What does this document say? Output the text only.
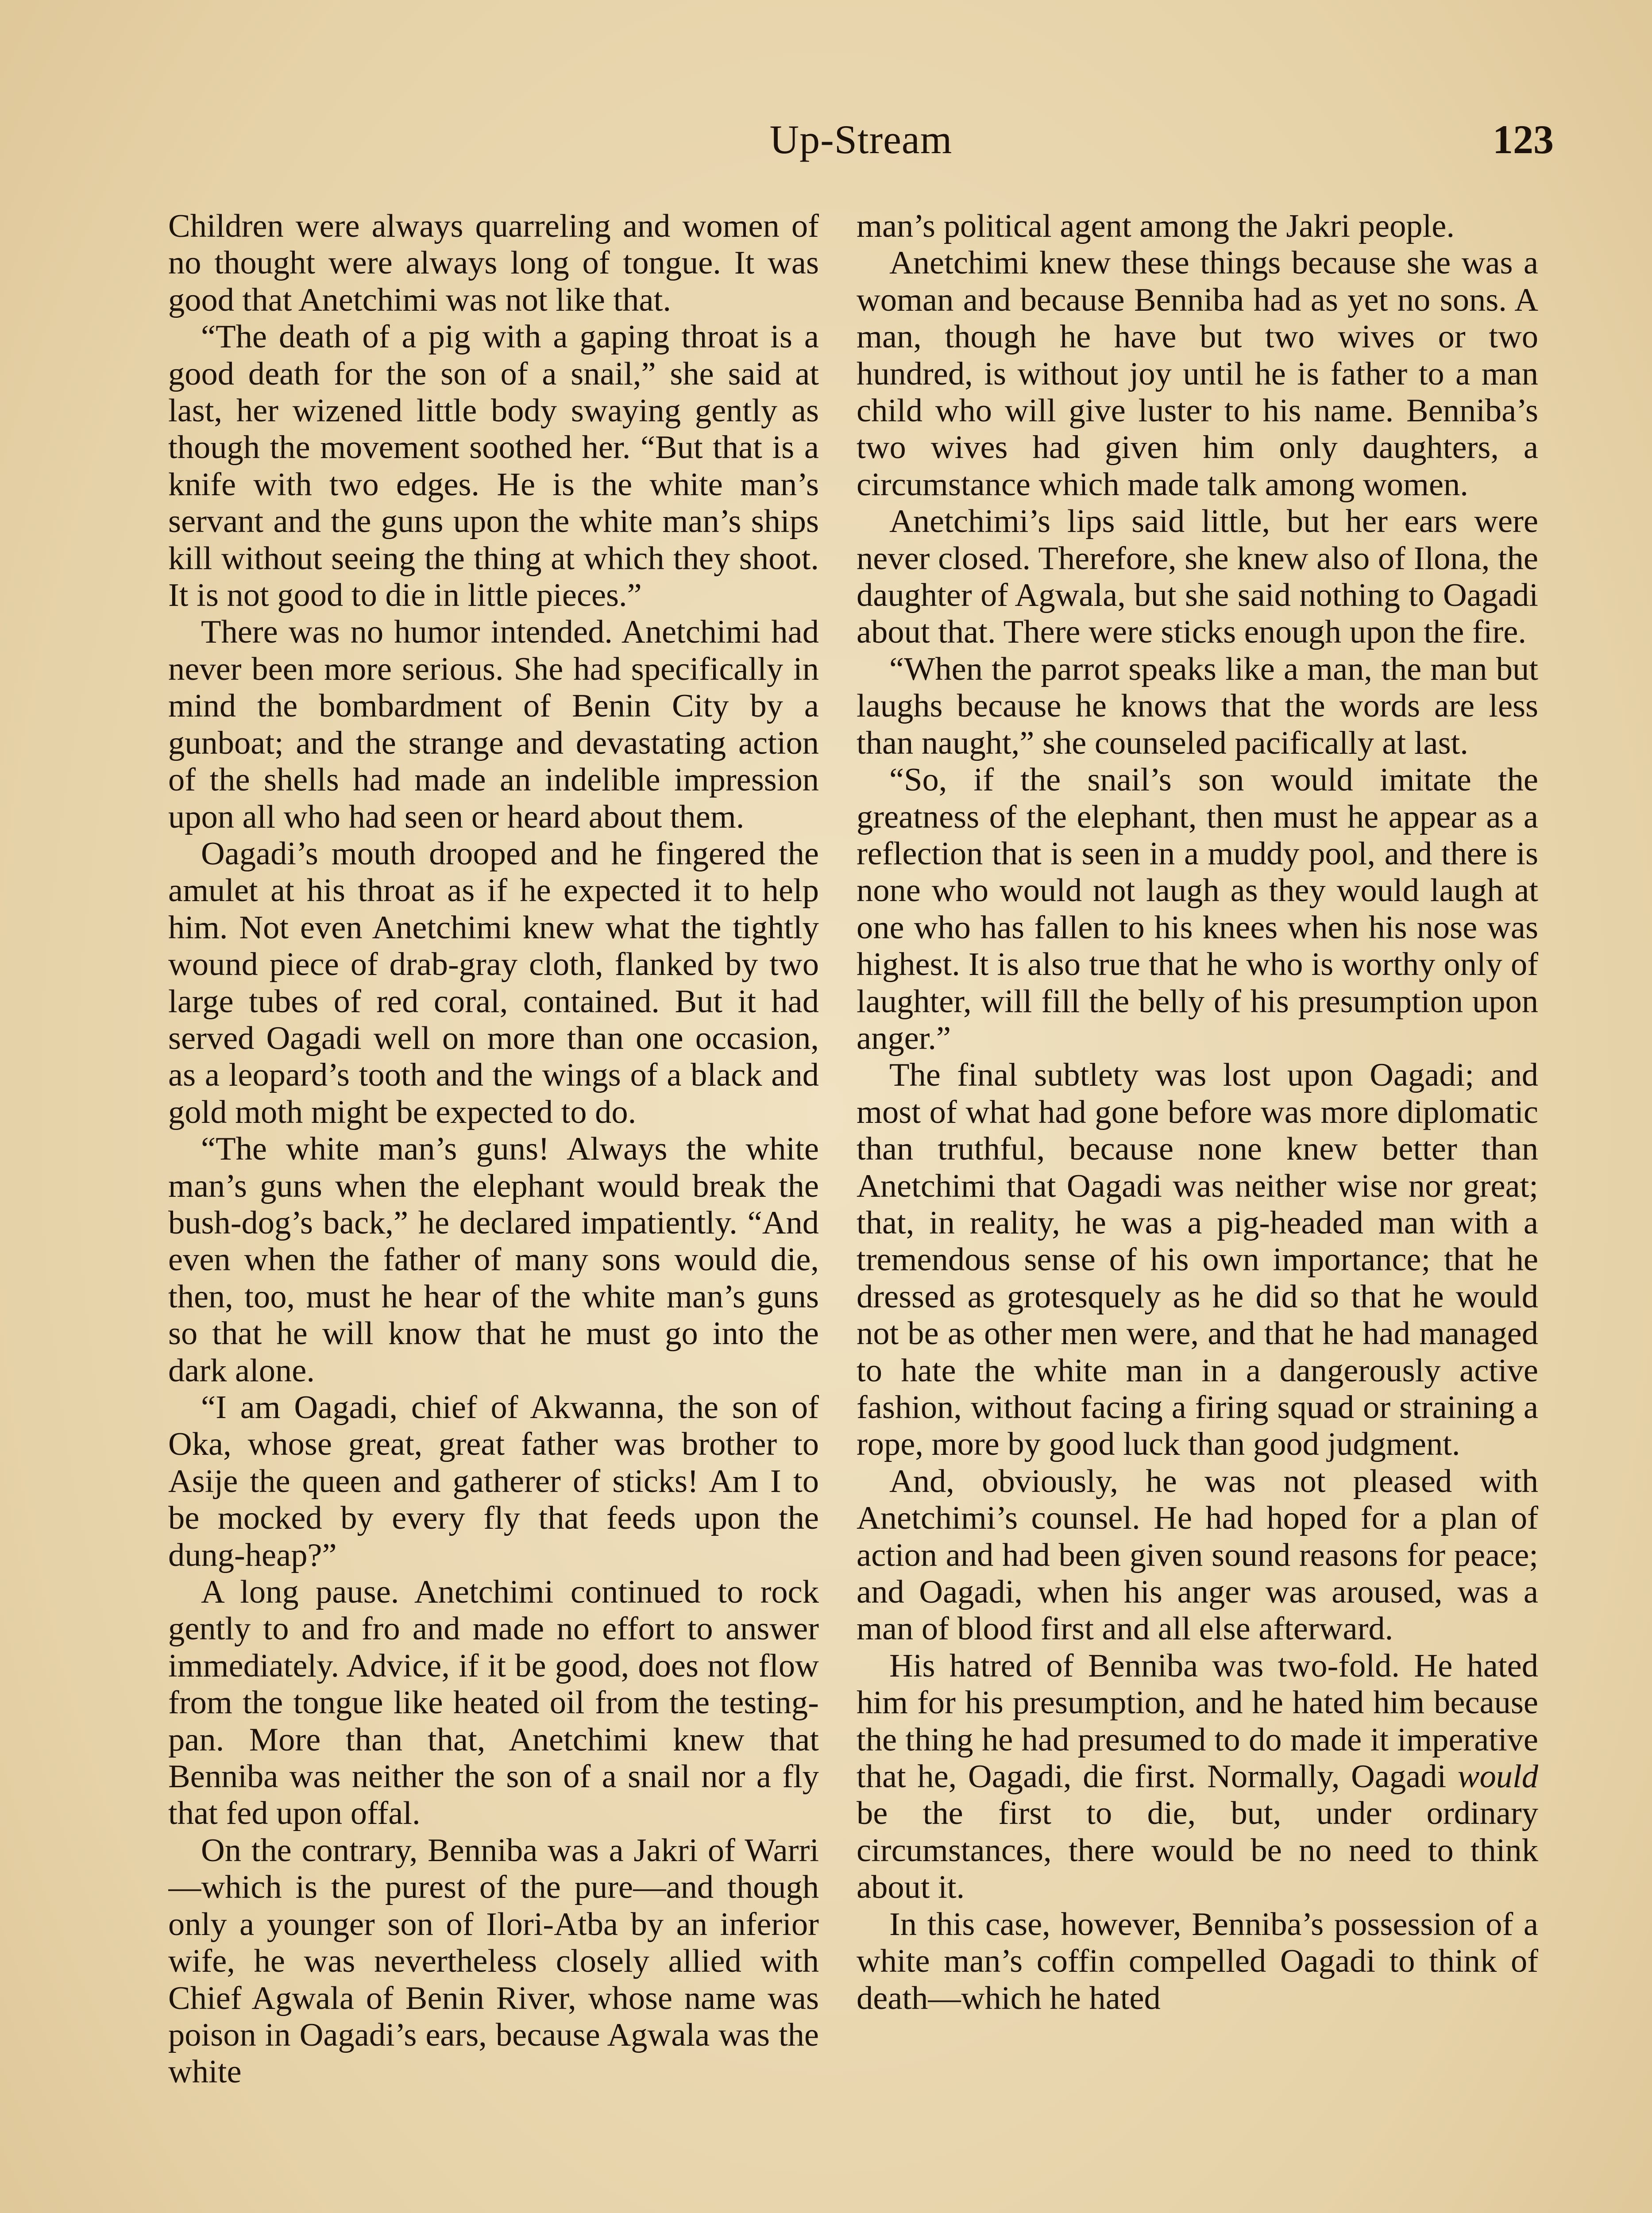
Up-Stream	123

Children were always quarreling and women of no thought were always long of tongue. It was good that Anetchimi was not like that.

“The death of a pig with a gaping throat is a good death for the son of a snail,” she said at last, her wizened little body swaying gently as though the movement soothed her. “But that is a knife with two edges. He is the white man’s servant and the guns upon the white man’s ships kill without seeing the thing at which they shoot. It is not good to die in little pieces.”

There was no humor intended. Anetchimi had never been more serious. She had specifically in mind the bombardment of Benin City by a gunboat; and the strange and devastating action of the shells had made an indelible impression upon all who had seen or heard about them.

Oagadi’s mouth drooped and he fingered the amulet at his throat as if he expected it to help him. Not even Anetchimi knew what the tightly wound piece of drab-gray cloth, flanked by two large tubes of red coral, contained. But it had served Oagadi well on more than one occasion, as a leopard’s tooth and the wings of a black and gold moth might be expected to do.

“The white man’s guns! Always the white man’s guns when the elephant would break the bush-dog’s back,” he declared impatiently. “And even when the father of many sons would die, then, too, must he hear of the white man’s guns so that he will know that he must go into the dark alone.

“I am Oagadi, chief of Akwanna, the son of Oka, whose great, great father was brother to Asije the queen and gatherer of sticks! Am I to be mocked by every fly that feeds upon the dung-heap?”

A long pause. Anetchimi continued to rock gently to and fro and made no effort to answer immediately. Advice, if it be good, does not flow from the tongue like heated oil from the testing-pan. More than that, Anetchimi knew that Benniba was neither the son of a snail nor a fly that fed upon offal.

On the contrary, Benniba was a Jakri of Warri—which is the purest of the pure—and though only a younger son of Ilori-Atba by an inferior wife, he was nevertheless closely allied with Chief Agwala of Benin River, whose name was poison in Oagadi’s ears, because Agwala was the white

man’s political agent among the Jakri people.

Anetchimi knew these things because she was a woman and because Benniba had as yet no sons. A man, though he have but two wives or two hundred, is without joy until he is father to a man child who will give luster to his name. Benniba’s two wives had given him only daughters, a circumstance which made talk among women.

Anetchimi’s lips said little, but her ears were never closed. Therefore, she knew also of Ilona, the daughter of Agwala, but she said nothing to Oagadi about that. There were sticks enough upon the fire.

“When the parrot speaks like a man, the man but laughs because he knows that the words are less than naught,” she counseled pacifically at last.

“So, if the snail’s son would imitate the greatness of the elephant, then must he appear as a reflection that is seen in a muddy pool, and there is none who would not laugh as they would laugh at one who has fallen to his knees when his nose was highest. It is also true that he who is worthy only of laughter, will fill the belly of his presumption upon anger.”

The final subtlety was lost upon Oagadi; and most of what had gone before was more diplomatic than truthful, because none knew better than Anetchimi that Oagadi was neither wise nor great; that, in reality, he was a pig-headed man with a tremendous sense of his own importance; that he dressed as grotesquely as he did so that he would not be as other men were, and that he had managed to hate the white man in a dangerously active fashion, without facing a firing squad or straining a rope, more by good luck than good judgment.

And, obviously, he was not pleased with Anetchimi’s counsel. He had hoped for a plan of action and had been given sound reasons for peace; and Oagadi, when his anger was aroused, was a man of blood first and all else afterward.

His hatred of Benniba was two-fold. He hated him for his presumption, and he hated him because the thing he had presumed to do made it imperative that he, Oagadi, die first. Normally, Oagadi would be the first to die, but, under ordinary circumstances, there would be no need to think about it.

In this case, however, Benniba’s possession of a white man’s coffin compelled Oagadi to think of death—which he hated
